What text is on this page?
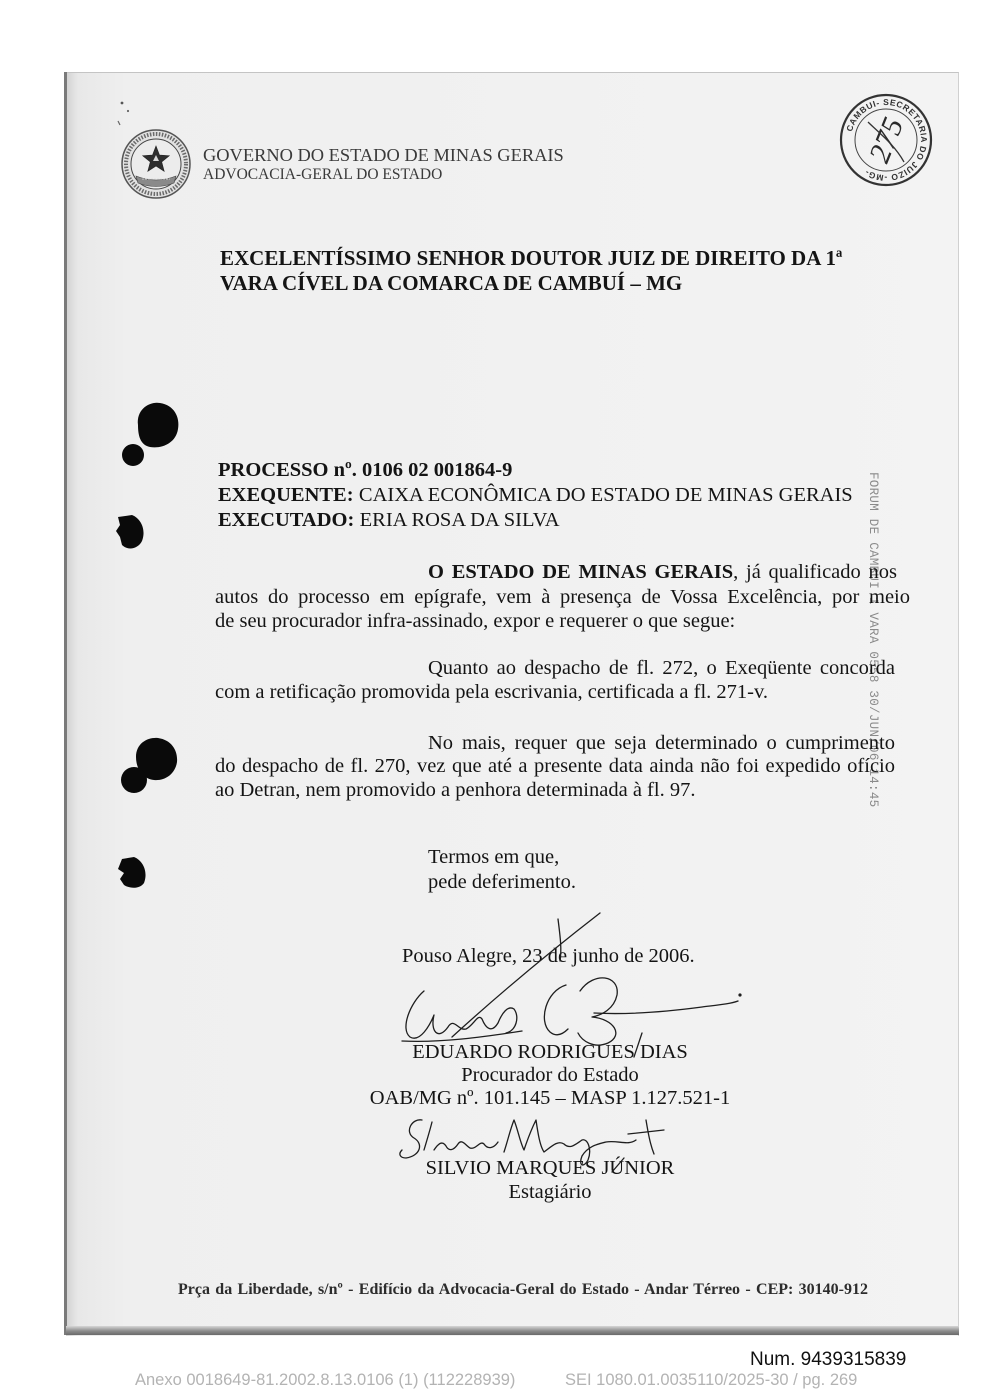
GOVERNO DO ESTADO DE MINAS GERAIS
ADVOCACIA-GERAL DO ESTADO
CAMBUI- SECRETARIA DO JUIZO -MG-
275
EXCELENTÍSSIMO SENHOR DOUTOR JUIZ DE DIREITO DA 1ª
VARA CÍVEL DA COMARCA DE CAMBUÍ – MG
PROCESSO nº. 0106 02 001864-9
EXEQUENTE: CAIXA ECONÔMICA DO ESTADO DE MINAS GERAIS
EXECUTADO: ERIA ROSA DA SILVA	FORUM DE CAMBUI 1 VARA 0558 30/JUN/06 14:45
O ESTADO DE MINAS GERAIS, já qualificado nos
autos do processo em epígrafe, vem à presença de Vossa Excelência, por meio
de seu procurador infra-assinado, expor e requerer o que segue:
Quanto ao despacho de fl. 272, o Exeqüente concorda
com a retificação promovida pela escrivania, certificada a fl. 271-v.
No mais, requer que seja determinado o cumprimento
do despacho de fl. 270, vez que até a presente data ainda não foi expedido ofício
ao Detran, nem promovido a penhora determinada à fl. 97.
Termos em que,
pede deferimento.
Pouso Alegre, 23 de junho de 2006.
EDUARDO RODRIGUES DIAS
Procurador do Estado
OAB/MG nº. 101.145 – MASP 1.127.521-1
SILVIO MARQUES JÚNIOR
Estagiário
Prça da Liberdade, s/nº - Edifício da Advocacia-Geral do Estado - Andar Térreo - CEP: 30140-912
Num. 9439315839
Anexo 0018649-81.2002.8.13.0106 (1) (112228939)	SEI 1080.01.0035110/2025-30 / pg. 269
